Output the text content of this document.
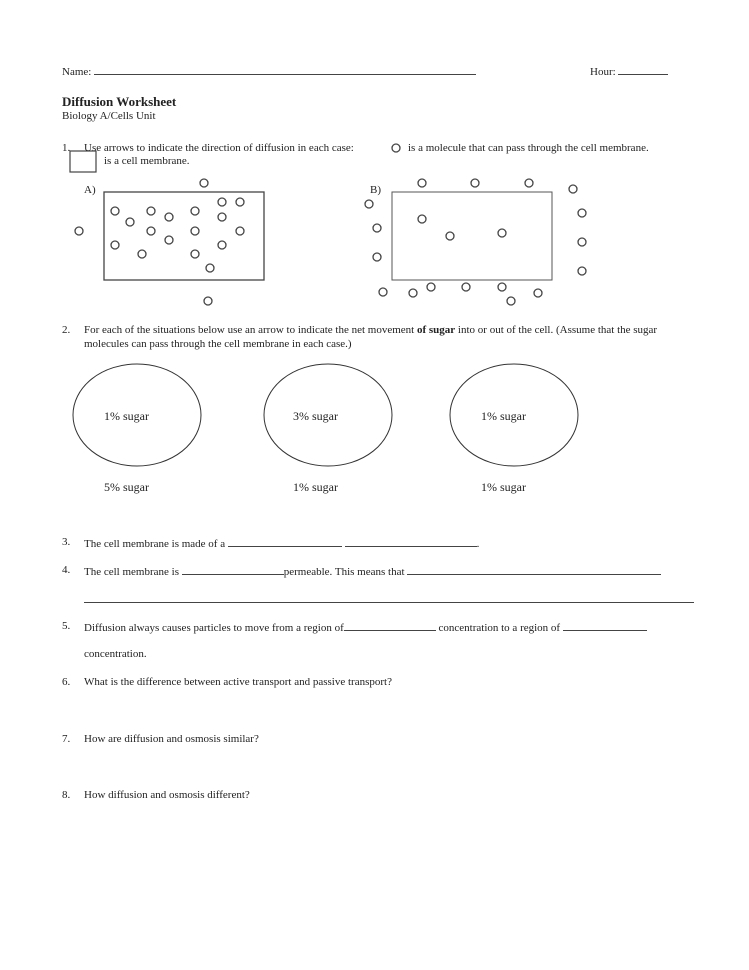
Name:	Hour:
Diffusion Worksheet
Biology A/Cells Unit
1. Use arrows to indicate the direction of diffusion in each case:	is a molecule that can pass through the cell membrane.
is a cell membrane.
A)	B)
2. For each of the situations below use an arrow to indicate the net movement of sugar into or out of the cell. (Assume that the sugar
molecules can pass through the cell membrane in each case.)
1% sugar	3% sugar	1% sugar
5% sugar	1% sugar	1% sugar
3. The cell membrane is made of a	.
4. The cell membrane is	permeable. This means that
5. Diffusion always causes particles to move from a region of	concentration to a region of
concentration.
6. What is the difference between active transport and passive transport?
7. How are diffusion and osmosis similar?
8. How diffusion and osmosis different?
